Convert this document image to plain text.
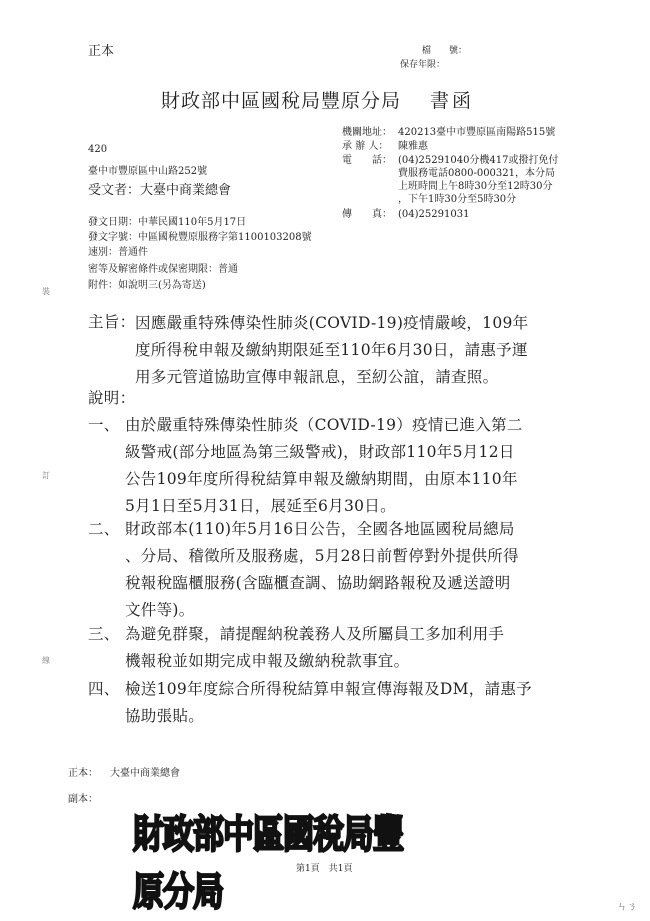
正本	檔　　號：
保存年限：
財政部中區國稅局豐原分局 書函
機關地址： 420213臺中市豐原區南陽路515號
承 辦 人： 陳雅惠
電　　話： (04)25291040分機417或撥打免付
費服務電話0800-000321，本分局
上班時間上午8時30分至12時30分
，下午1時30分至5時30分
傳　　真： (04)25291031
420
臺中市豐原區中山路252號
受文者： 大臺中商業總會
發文日期：中華民國110年5月17日
發文字號：中區國稅豐原服務字第1100103208號
速別：普通件
密等及解密條件或保密期限：普通
附件：如說明三(另為寄送)
裝
訂
線
主旨： 因應嚴重特殊傳染性肺炎(COVID-19)疫情嚴峻，109年
度所得稅申報及繳納期限延至110年6月30日，請惠予運
用多元管道協助宣傳申報訊息，至紉公誼，請查照。
說明：
一、 由於嚴重特殊傳染性肺炎（COVID-19）疫情已進入第二
級警戒(部分地區為第三級警戒)，財政部110年5月12日
公告109年度所得稅結算申報及繳納期間，由原本110年
5月1日至5月31日，展延至6月30日。
二、 財政部本(110)年5月16日公告，全國各地區國稅局總局
、分局、稽徵所及服務處，5月28日前暫停對外提供所得
稅報稅臨櫃服務(含臨櫃查調、協助網路報稅及遞送證明
文件等)。
三、 為避免群聚，請提醒納稅義務人及所屬員工多加利用手
機報稅並如期完成申報及繳納稅款事宜。
四、 檢送109年度綜合所得稅結算申報宣傳海報及DM，請惠予
協助張貼。
正本： 大臺中商業總會
副本：
財政部中區國稅局豐原分局
第1頁　共1頁
ㄣㄋ
